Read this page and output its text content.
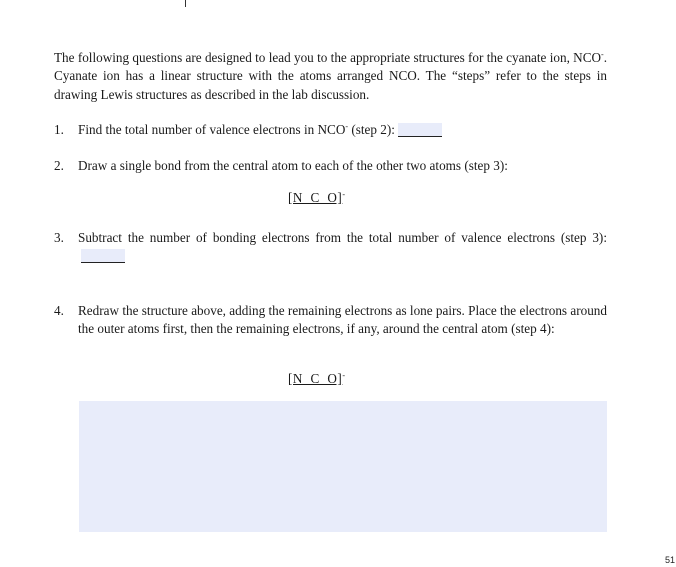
The following questions are designed to lead you to the appropriate structures for the cyanate ion, NCO-. Cyanate ion has a linear structure with the atoms arranged NCO. The “steps” refer to the steps in drawing Lewis structures as described in the lab discussion.
1. Find the total number of valence electrons in NCO- (step 2):
2. Draw a single bond from the central atom to each of the other two atoms (step 3):
[N  C  O]-
3. Subtract the number of bonding electrons from the total number of valence electrons (step 3):
4. Redraw the structure above, adding the remaining electrons as lone pairs. Place the electrons around the outer atoms first, then the remaining electrons, if any, around the central atom (step 4):
[N  C  O]-
51
